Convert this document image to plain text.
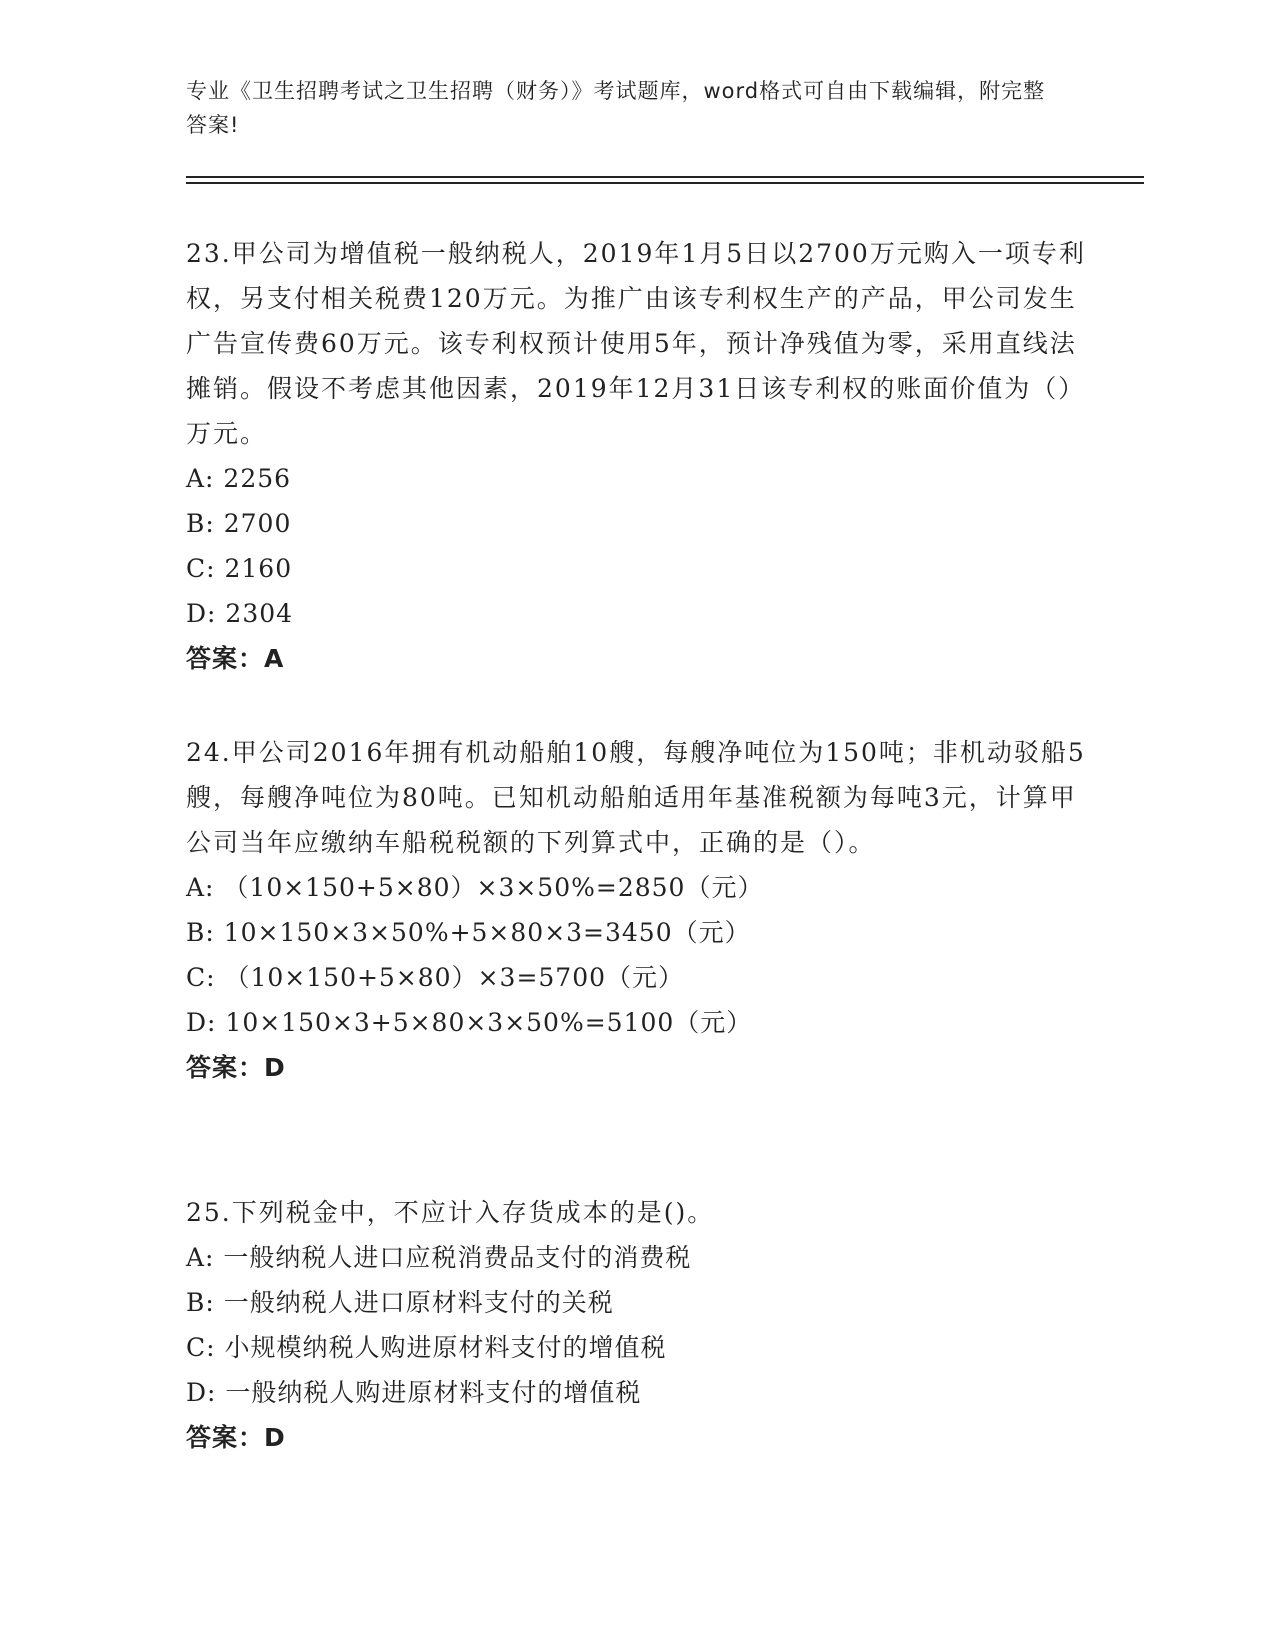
专业《卫生招聘考试之卫生招聘（财务）》考试题库，word格式可自由下载编辑，附完整答案!
23.甲公司为增值税一般纳税人，2019年1月5日以2700万元购入一项专利权，另支付相关税费120万元。为推广由该专利权生产的产品，甲公司发生广告宣传费60万元。该专利权预计使用5年，预计净残值为零，采用直线法摊销。假设不考虑其他因素，2019年12月31日该专利权的账面价值为（）万元。
A: 2256
B: 2700
C: 2160
D: 2304
答案：A
24.甲公司2016年拥有机动船舶10艘，每艘净吨位为150吨；非机动驳船5艘，每艘净吨位为80吨。已知机动船舶适用年基准税额为每吨3元，计算甲公司当年应缴纳车船税税额的下列算式中，正确的是（）。
A: （10×150+5×80）×3×50%=2850（元）
B: 10×150×3×50%+5×80×3=3450（元）
C: （10×150+5×80）×3=5700（元）
D: 10×150×3+5×80×3×50%=5100（元）
答案：D
25.下列税金中，不应计入存货成本的是()。
A: 一般纳税人进口应税消费品支付的消费税
B: 一般纳税人进口原材料支付的关税
C: 小规模纳税人购进原材料支付的增值税
D: 一般纳税人购进原材料支付的增值税
答案：D
